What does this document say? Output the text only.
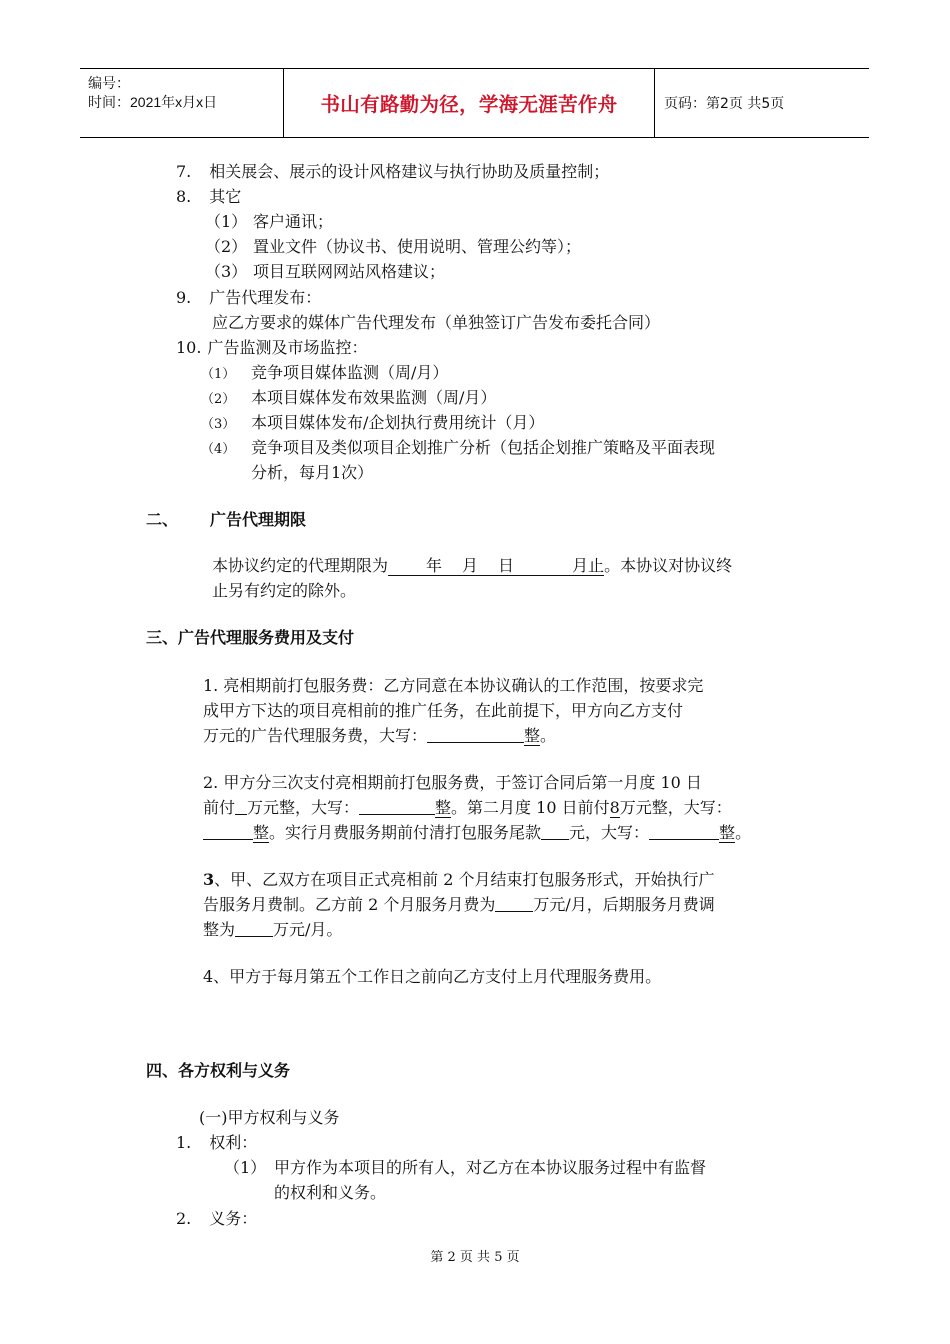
编号：
时间：2021年x月x日	书山有路勤为径，学海无涯苦作舟	页码：第2页 共5页
7. 相关展会、展示的设计风格建议与执行协助及质量控制；
8. 其它
（1） 客户通讯；
（2） 置业文件（协议书、使用说明、管理公约等）；
（3） 项目互联网网站风格建议；
9. 广告代理发布：
应乙方要求的媒体广告代理发布（单独签订广告发布委托合同）
10. 广告监测及市场监控：
（1） 竞争项目媒体监测（周/月）
（2） 本项目媒体发布效果监测（周/月）
（3） 本项目媒体发布/企划执行费用统计（月）
（4） 竞争项目及类似项目企划推广分析（包括企划推广策略及平面表现
分析，每月1次）
二、 广告代理期限
本协议约定的代理期限为 年 月 日	月止。本协议对协议终
止另有约定的除外。
三、广告代理服务费用及支付
1. 亮相期前打包服务费：乙方同意在本协议确认的工作范围，按要求完
成甲方下达的项目亮相前的推广任务，在此前提下，甲方向乙方支付
万元的广告代理服务费，大写：	整。
2. 甲方分三次支付亮相期前打包服务费，于签订合同后第一月度 10 日
前付 万元整，大写：	整。第二月度 10 日前付8万元整，大写：
整。实行月费服务期前付清打包服务尾款 元，大写：	整。
3、甲、乙双方在项目正式亮相前 2 个月结束打包服务形式，开始执行广
告服务月费制。乙方前 2 个月服务月费为 万元/月，后期服务月费调
整为 万元/月。
4、甲方于每月第五个工作日之前向乙方支付上月代理服务费用。
四、各方权利与义务
(一)甲方权利与义务
1. 权利：
（1） 甲方作为本项目的所有人，对乙方在本协议服务过程中有监督
的权利和义务。
2. 义务：
第 2 页 共 5 页
